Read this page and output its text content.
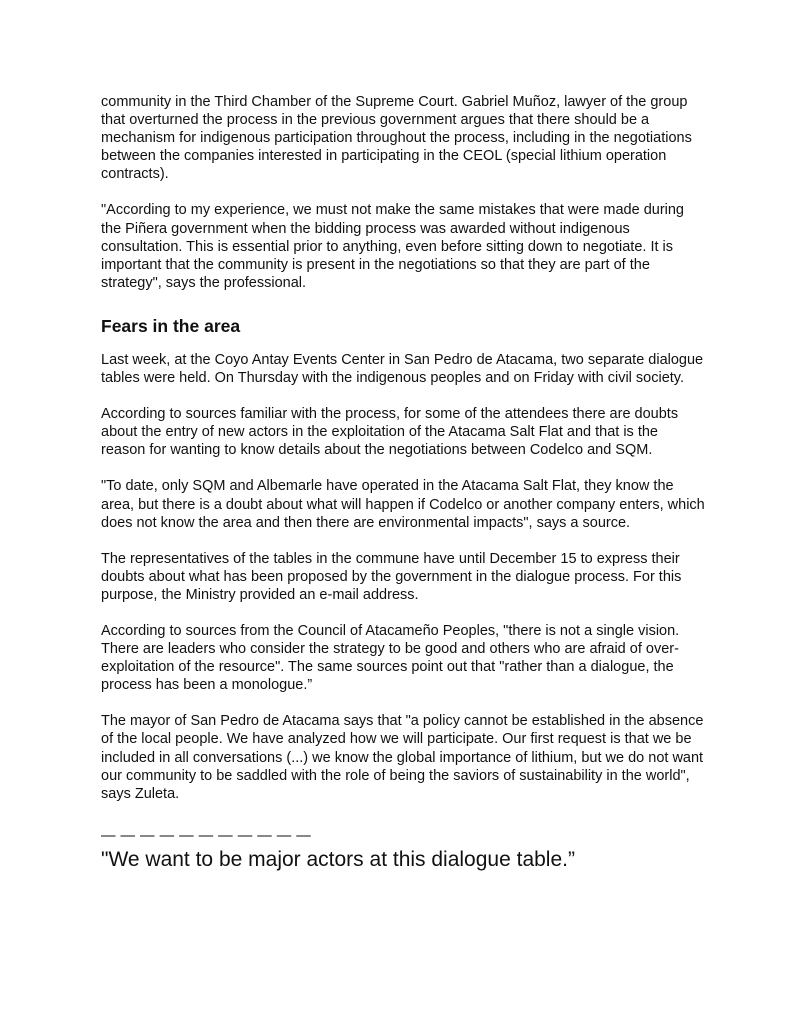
community in the Third Chamber of the Supreme Court. Gabriel Muñoz, lawyer of the group that overturned the process in the previous government argues that there should be a mechanism for indigenous participation throughout the process, including in the negotiations between the companies interested in participating in the CEOL (special lithium operation contracts).

"According to my experience, we must not make the same mistakes that were made during the Piñera government when the bidding process was awarded without indigenous consultation. This is essential prior to anything, even before sitting down to negotiate. It is important that the community is present in the negotiations so that they are part of the strategy", says the professional.

Fears in the area

Last week, at the Coyo Antay Events Center in San Pedro de Atacama, two separate dialogue tables were held. On Thursday with the indigenous peoples and on Friday with civil society.

According to sources familiar with the process, for some of the attendees there are doubts about the entry of new actors in the exploitation of the Atacama Salt Flat and that is the reason for wanting to know details about the negotiations between Codelco and SQM.

"To date, only SQM and Albemarle have operated in the Atacama Salt Flat, they know the area, but there is a doubt about what will happen if Codelco or another company enters, which does not know the area and then there are environmental impacts", says a source.

The representatives of the tables in the commune have until December 15 to express their doubts about what has been proposed by the government in the dialogue process. For this purpose, the Ministry provided an e-mail address.

According to sources from the Council of Atacameño Peoples, "there is not a single vision. There are leaders who consider the strategy to be good and others who are afraid of over-exploitation of the resource". The same sources point out that "rather than a dialogue, the process has been a monologue.”

The mayor of San Pedro de Atacama says that "a policy cannot be established in the absence of the local people. We have analyzed how we will participate. Our first request is that we be included in all conversations (...) we know the global importance of lithium, but we do not want our community to be saddled with the role of being the saviors of sustainability in the world", says Zuleta.

— — — — — — — — — — —
"We want to be major actors at this dialogue table.”
